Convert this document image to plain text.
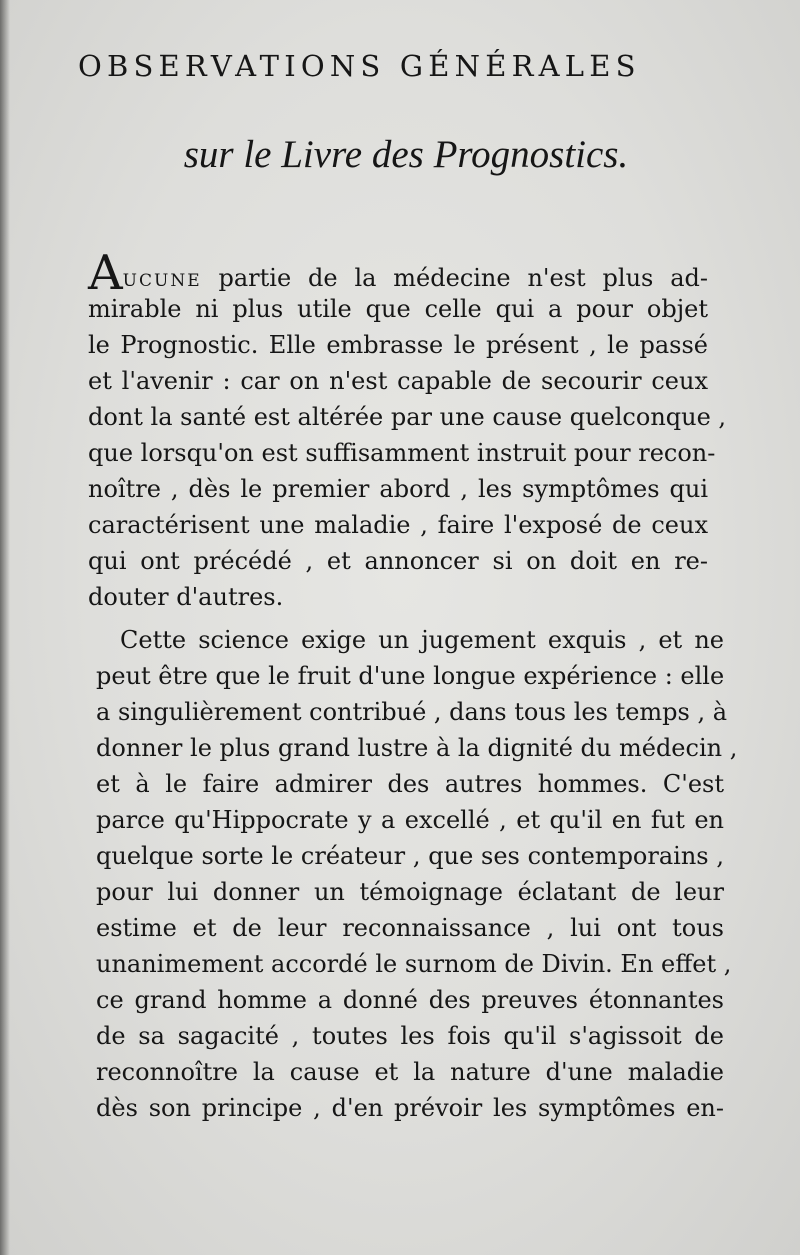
OBSERVATIONS GÉNÉRALES
sur le Livre des Prognostics.
AUCUNE partie de la médecine n'est plus ad-
mirable ni plus utile que celle qui a pour objet
le Prognostic. Elle embrasse le présent , le passé
et l'avenir : car on n'est capable de secourir ceux
dont la santé est altérée par une cause quelconque ,
que lorsqu'on est suffisamment instruit pour recon-
noître , dès le premier abord , les symptômes qui
caractérisent une maladie , faire l'exposé de ceux
qui ont précédé , et annoncer si on doit en re-
douter d'autres.
Cette science exige un jugement exquis , et ne
peut être que le fruit d'une longue expérience : elle
a singulièrement contribué , dans tous les temps , à
donner le plus grand lustre à la dignité du médecin ,
et à le faire admirer des autres hommes. C'est
parce qu'Hippocrate y a excellé , et qu'il en fut en
quelque sorte le créateur , que ses contemporains ,
pour lui donner un témoignage éclatant de leur
estime et de leur reconnaissance , lui ont tous
unanimement accordé le surnom de Divin. En effet ,
ce grand homme a donné des preuves étonnantes
de sa sagacité , toutes les fois qu'il s'agissoit de
reconnoître la cause et la nature d'une maladie
dès son principe , d'en prévoir les symptômes en-
